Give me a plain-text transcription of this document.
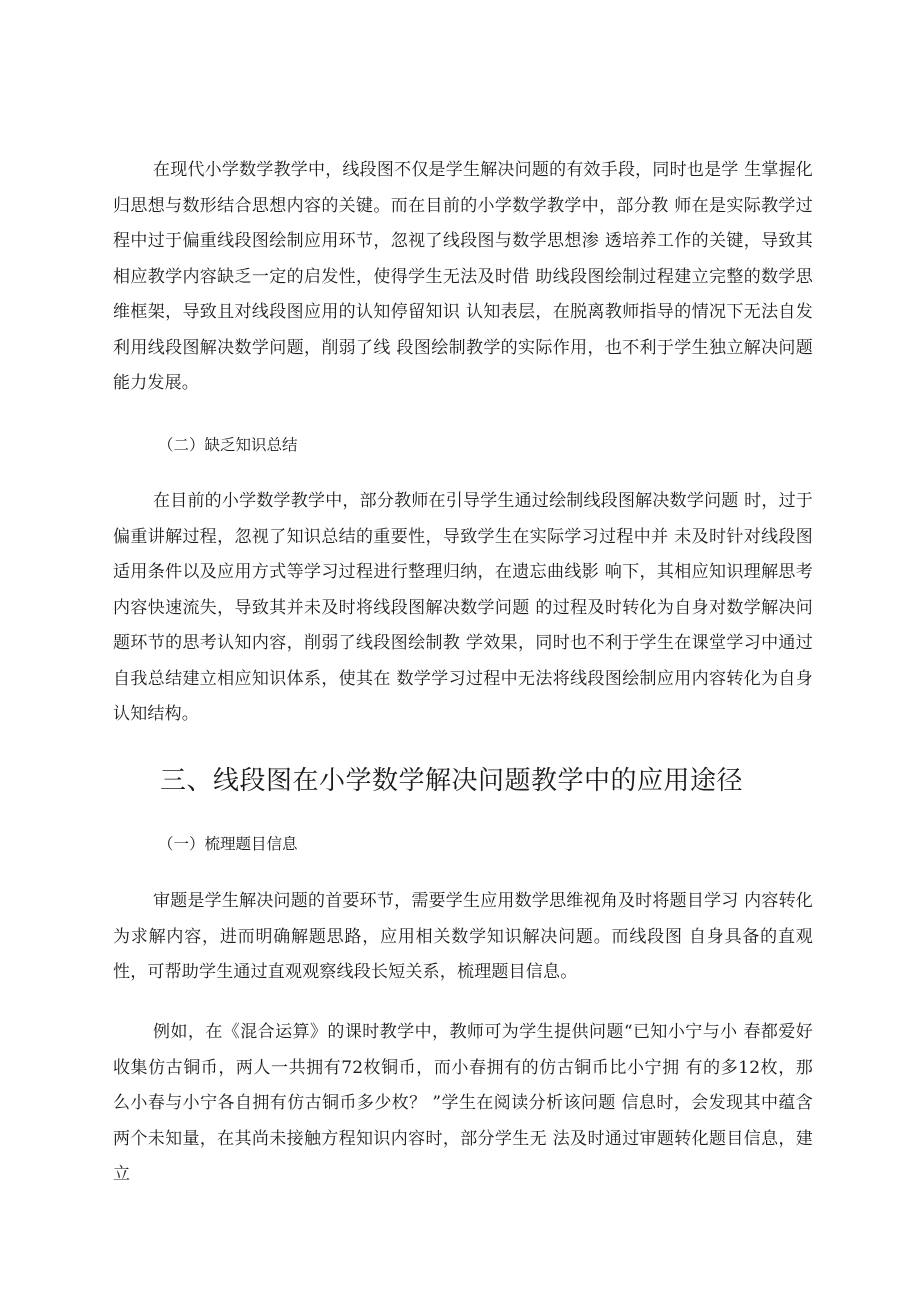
在现代小学数学教学中，线段图不仅是学生解决问题的有效手段，同时也是学 生掌握化归思想与数形结合思想内容的关键。而在目前的小学数学教学中，部分教 师在是实际教学过程中过于偏重线段图绘制应用环节，忽视了线段图与数学思想渗 透培养工作的关键，导致其相应教学内容缺乏一定的启发性，使得学生无法及时借 助线段图绘制过程建立完整的数学思维框架，导致且对线段图应用的认知停留知识 认知表层，在脱离教师指导的情况下无法自发利用线段图解决数学问题，削弱了线 段图绘制教学的实际作用，也不利于学生独立解决问题能力发展。

（二）缺乏知识总结

在目前的小学数学教学中，部分教师在引导学生通过绘制线段图解决数学问题 时，过于偏重讲解过程，忽视了知识总结的重要性，导致学生在实际学习过程中并 未及时针对线段图适用条件以及应用方式等学习过程进行整理归纳，在遗忘曲线影 响下，其相应知识理解思考内容快速流失，导致其并未及时将线段图解决数学问题 的过程及时转化为自身对数学解决问题环节的思考认知内容，削弱了线段图绘制教 学效果，同时也不利于学生在课堂学习中通过自我总结建立相应知识体系，使其在 数学学习过程中无法将线段图绘制应用内容转化为自身认知结构。

三、线段图在小学数学解决问题教学中的应用途径

（一）梳理题目信息

审题是学生解决问题的首要环节，需要学生应用数学思维视角及时将题目学习 内容转化为求解内容，进而明确解题思路，应用相关数学知识解决问题。而线段图 自身具备的直观性，可帮助学生通过直观观察线段长短关系，梳理题目信息。

例如，在《混合运算》的课时教学中，教师可为学生提供问题“已知小宁与小 春都爱好收集仿古铜币，两人一共拥有72枚铜币，而小春拥有的仿古铜币比小宁拥 有的多12枚，那么小春与小宁各自拥有仿古铜币多少枚？ ”学生在阅读分析该问题 信息时，会发现其中蕴含两个未知量，在其尚未接触方程知识内容时，部分学生无 法及时通过审题转化题目信息，建立
